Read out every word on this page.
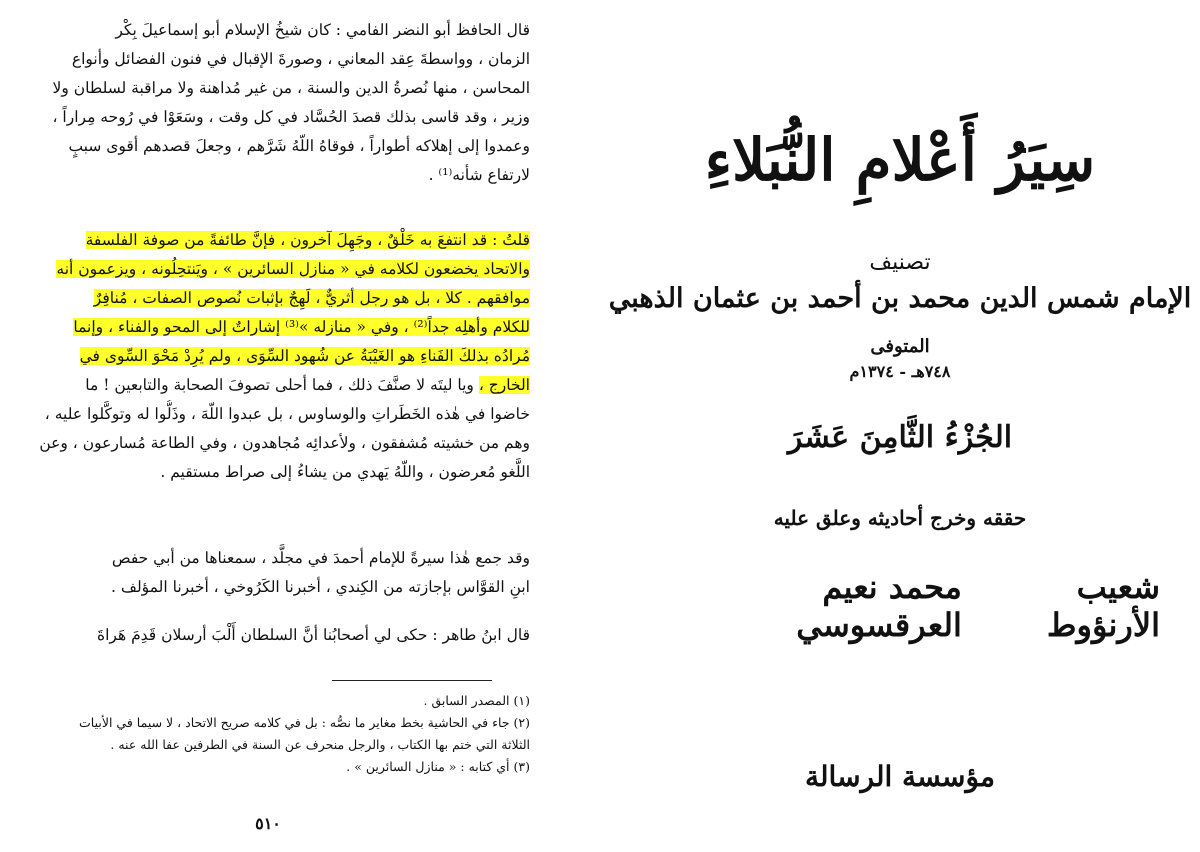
قال الحافظ أبو النضر الفامي : كان شيخُ الإسلام أبو إسماعيلَ بِكْر
الزمان ، وواسطةَ عِقد المعاني ، وصورةَ الإقبال في فنون الفضائل وأنواع
المحاسن ، منها نُصرةُ الدين والسنة ، من غير مُداهنة ولا مراقبة لسلطان ولا
وزير ، وقد قاسى بذلك قصدَ الحُسَّاد في كل وقت ، وسَعَوْا في رُوحه مِراراً ،
وعمدوا إلى إهلاكه أطواراً ، فوقاهُ اللّهُ شَرَّهم ، وجعلَ قصدهم أقوى سببٍ
لارتفاع شأنه⁽¹⁾ .
قلتُ : قد انتفعَ به خَلْقٌ ، وجَهِلَ آخرون ، فإنَّ طائفةً من صوفة الفلسفة
والاتحاد يخضعون لكلامه في « منازل السائرين » ، ويَنتحِلُونه ، ويزعمون أنه
موافقهم . كلا ، بل هو رجل أثريٌّ ، لَهِجٌ بإثبات نُصوص الصفات ، مُنافِرٌ
للكلام وأهلِه جداً⁽²⁾ ، وفي « منازله »⁽³⁾ إشاراتٌ إلى المحو والفناء ، وإنما
مُرادُه بذلكَ الفَناءِ هو الغَيْبَةُ عن شُهود السِّوَى ، ولم يُرِدْ مَحْوَ السِّوى في
الخارج ، ويا ليتَه لا صنَّفَ ذلك ، فما أحلى تصوفَ الصحابة والتابعين ! ما
خاضوا في هٰذه الخَطَراتِ والوساوس ، بل عبدوا اللّهَ ، وذَلُّوا له وتوكَّلوا عليه ،
وهم من خشيته مُشفقون ، ولأعدائِه مُجاهدون ، وفي الطاعة مُسارعون ، وعن
اللَّغو مُعرضون ، واللّهُ يَهدي من يشاءُ إلى صراط مستقيم .
وقد جمع هٰذا سيرةً للإمام أحمدَ في مجلَّد ، سمعناها من أبي حفص
ابنِ القوَّاس بإجازته من الكِندي ، أخبرنا الكَرُوخي ، أخبرنا المؤلف .
قال ابنُ طاهر : حكى لي أصحابُنا أنَّ السلطان أَلْبَ أرسلان قَدِمَ هَراةَ
(١) المصدر السابق .
(٢) جاء في الحاشية بخط مغاير ما نصُّه : بل في كلامه صريح الاتحاد ، لا سيما في الأبيات
الثلاثة التي ختم بها الكتاب ، والرجل منحرف عن السنة في الطرفين عفا الله عنه .
(٣) أي كتابه : « منازل السائرين » .
٥١٠
سِيَرُ أَعْلامِ النُّبَلاءِ
تصنيف
الإمام شمس الدين محمد بن أحمد بن عثمان الذهبي
المتوفى
٧٤٨هـ - ١٣٧٤م
الجُزْءُ الثَّامِنَ عَشَرَ
حققه وخرج أحاديثه وعلق عليه
شعيب الأرنؤوط
محمد نعيم العرقسوسي
مؤسسة الرسالة
